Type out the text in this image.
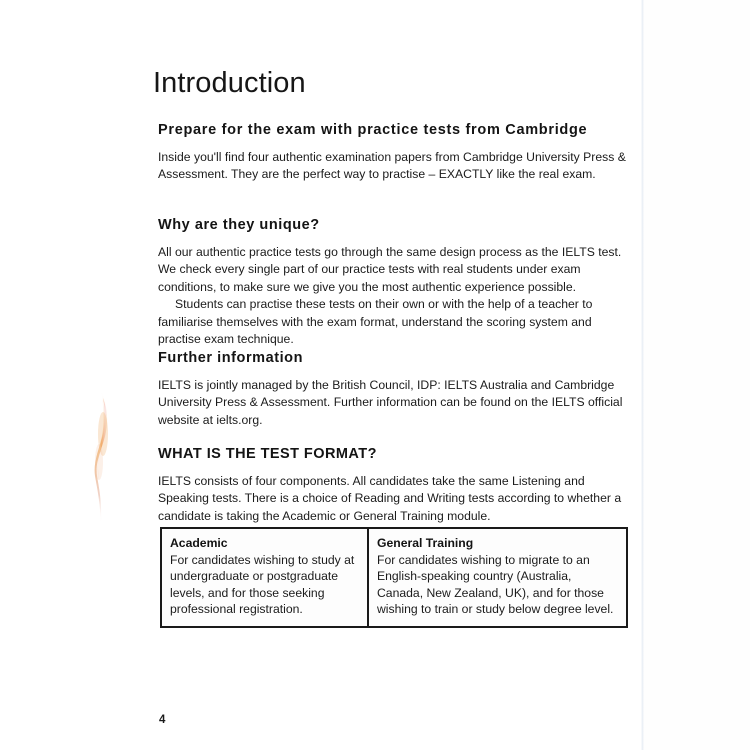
Introduction
Prepare for the exam with practice tests from Cambridge

Inside you'll find four authentic examination papers from Cambridge University Press & Assessment. They are the perfect way to practise – EXACTLY like the real exam.

Why are they unique?

All our authentic practice tests go through the same design process as the IELTS test. We check every single part of our practice tests with real students under exam conditions, to make sure we give you the most authentic experience possible.

Students can practise these tests on their own or with the help of a teacher to familiarise themselves with the exam format, understand the scoring system and practise exam technique.

Further information

IELTS is jointly managed by the British Council, IDP: IELTS Australia and Cambridge University Press & Assessment. Further information can be found on the IELTS official website at ielts.org.

WHAT IS THE TEST FORMAT?

IELTS consists of four components. All candidates take the same Listening and Speaking tests. There is a choice of Reading and Writing tests according to whether a candidate is taking the Academic or General Training module.

Academic
For candidates wishing to study at undergraduate or postgraduate levels, and for those seeking professional registration.
General Training
For candidates wishing to migrate to an English-speaking country (Australia, Canada, New Zealand, UK), and for those wishing to train or study below degree level.
4
